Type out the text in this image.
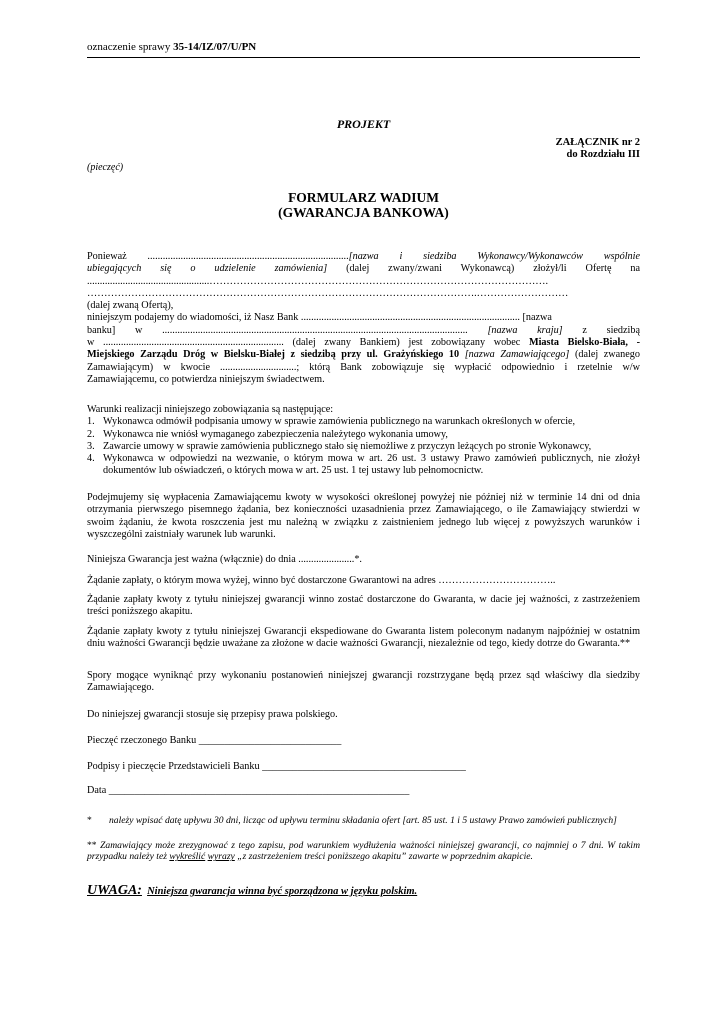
oznaczenie sprawy 35-14/IZ/07/U/PN
PROJEKT
ZAŁĄCZNIK nr 2
do Rozdziału III
(pieczęć)
FORMULARZ WADIUM
(GWARANCJA BANKOWA)
Ponieważ ...............................................................................[nazwa i siedziba Wykonawcy/Wykonawców wspólnie
ubiegających się o udzielenie zamówienia] (dalej zwany/zwani Wykonawcą) złożył/li Ofertę na
................................................……………………………………………………………………………………….
…………………………………………………………………………………………………….………………………
(dalej zwaną Ofertą),
niniejszym podajemy do wiadomości, iż Nasz Bank ...................................................................................... [nazwa
banku] w ........................................................................................................................ [nazwa kraju] z siedzibą
w ....................................................................... (dalej zwany Bankiem) jest zobowiązany wobec Miasta Bielsko-Biała, -
Miejskiego Zarządu Dróg w Bielsku-Białej z siedzibą przy ul. Grażyńskiego 10 [nazwa Zamawiającego] (dalej zwanego
Zamawiającym) w kwocie ..............................; którą Bank zobowiązuje się wypłacić odpowiednio i rzetelnie w/w
Zamawiającemu, co potwierdza niniejszym świadectwem.
Warunki realizacji niniejszego zobowiązania są następujące:
1. Wykonawca odmówił podpisania umowy w sprawie zamówienia publicznego na warunkach określonych w ofercie,
2. Wykonawca nie wniósł wymaganego zabezpieczenia należytego wykonania umowy,
3. Zawarcie umowy w sprawie zamówienia publicznego stało się niemożliwe z przyczyn leżących po stronie Wykonawcy,
4. Wykonawca w odpowiedzi na wezwanie, o którym mowa w art. 26 ust. 3 ustawy Prawo zamówień publicznych, nie złożył dokumentów lub oświadczeń, o których mowa w art. 25 ust. 1 tej ustawy lub pełnomocnictw.
Podejmujemy się wypłacenia Zamawiającemu kwoty w wysokości określonej powyżej nie później niż w terminie 14 dni od dnia otrzymania pierwszego pisemnego żądania, bez konieczności uzasadnienia przez Zamawiającego, o ile Zamawiający stwierdzi w swoim żądaniu, że kwota roszczenia jest mu należną w związku z zaistnieniem jednego lub więcej z powyższych warunków i wyszczególni zaistniały warunek lub warunki.
Niniejsza Gwarancja jest ważna (włącznie) do dnia ......................*.
Żądanie zapłaty, o którym mowa wyżej, winno być dostarczone Gwarantowi na adres ……………………………..
Żądanie zapłaty kwoty z tytułu niniejszej gwarancji winno zostać dostarczone do Gwaranta, w dacie jej ważności, z zastrzeżeniem treści poniższego akapitu.
Żądanie zapłaty kwoty z tytułu niniejszej Gwarancji ekspediowane do Gwaranta listem poleconym nadanym najpóźniej w ostatnim dniu ważności Gwarancji będzie uważane za złożone w dacie ważności Gwarancji, niezależnie od tego, kiedy dotrze do Gwaranta.**
Spory mogące wyniknąć przy wykonaniu postanowień niniejszej gwarancji rozstrzygane będą przez sąd właściwy dla siedziby Zamawiającego.
Do niniejszej gwarancji stosuje się przepisy prawa polskiego.
Pieczęć rzeczonego Banku ____________________________
Podpisy i pieczęcie Przedstawicieli Banku ________________________________________
Data ___________________________________________________________
*	należy wpisać datę upływu 30 dni, licząc od upływu terminu składania ofert [art. 85 ust. 1 i 5 ustawy Prawo zamówień publicznych]
** Zamawiający może zrezygnować z tego zapisu, pod warunkiem wydłużenia ważności niniejszej gwarancji, co najmniej o 7 dni. W takim przypadku należy też wykreślić wyrazy „z zastrzeżeniem treści poniższego akapitu” zawarte w poprzednim akapicie.
UWAGA: Niniejsza gwarancja winna być sporządzona w języku polskim.
